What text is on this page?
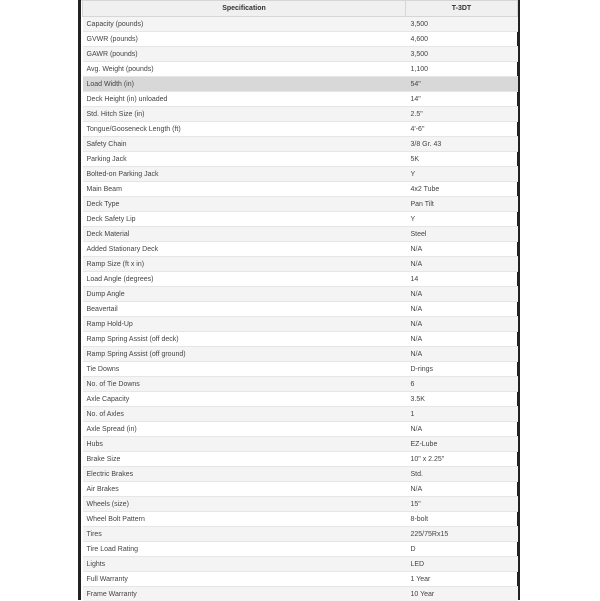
Specification	T-3DT
Capacity (pounds)	3,500
GVWR (pounds)	4,600
GAWR (pounds)	3,500
Avg. Weight (pounds)	1,100
Load Width (in)	54"
Deck Height (in) unloaded	14"
Std. Hitch Size (in)	2.5"
Tongue/Gooseneck Length (ft)	4'-6"
Safety Chain	3/8 Gr. 43
Parking Jack	5K
Bolted-on Parking Jack	Y
Main Beam	4x2 Tube
Deck Type	Pan Tilt
Deck Safety Lip	Y
Deck Material	Steel
Added Stationary Deck	N/A
Ramp Size (ft x in)	N/A
Load Angle (degrees)	14
Dump Angle	N/A
Beavertail	N/A
Ramp Hold-Up	N/A
Ramp Spring Assist (off deck)	N/A
Ramp Spring Assist (off ground)	N/A
Tie Downs	D-rings
No. of Tie Downs	6
Axle Capacity	3.5K
No. of Axles	1
Axle Spread (in)	N/A
Hubs	EZ-Lube
Brake Size	10" x 2.25"
Electric Brakes	Std.
Air Brakes	N/A
Wheels (size)	15"
Wheel Bolt Pattern	8-bolt
Tires	225/75Rx15
Tire Load Rating	D
Lights	LED
Full Warranty	1 Year
Frame Warranty	10 Year
